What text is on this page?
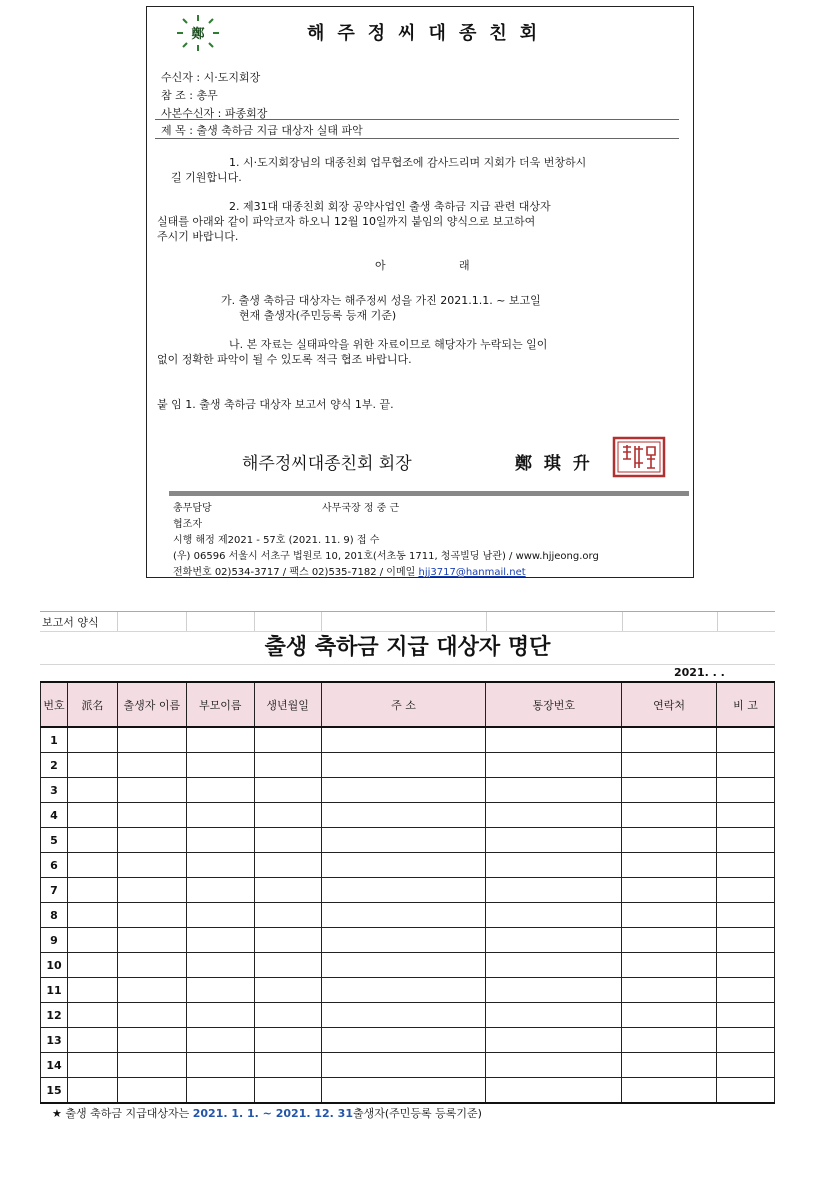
鄭	해주정씨대종친회
수신자 : 시·도지회장
참 조 : 총무
사본수신자 : 파종회장
제 목 : 출생 축하금 지급 대상자 실태 파악
1. 시·도지회장님의 대종친회 업무협조에 감사드리며 지회가 더욱 번창하시
길 기원합니다.
2. 제31대 대종친회 회장 공약사업인 출생 축하금 지급 관련 대상자
실태를 아래와 같이 파악코자 하오니 12월 10일까지 붙임의 양식으로 보고하여
주시기 바랍니다.
아	래
가. 출생 축하금 대상자는 해주정씨 성을 가진 2021.1.1. ~ 보고일
현재 출생자(주민등록 등재 기준)
나. 본 자료는 실태파악을 위한 자료이므로 해당자가 누락되는 일이
없이 정확한 파악이 될 수 있도록 적극 협조 바랍니다.
붙 임 1. 출생 축하금 대상자 보고서 양식 1부. 끝.
해주정씨대종친회 회장	鄭 琪 升
총무담당	사무국장 정 중 근
협조자
시행 해정 제2021 - 57호 (2021. 11. 9) 접 수
(우) 06596 서울시 서초구 법원로 10, 201호(서초동 1711, 청곡빌딩 남관) / www.hjjeong.org
전화번호 02)534-3717 / 팩스 02)535-7182 / 이메일 hjj3717@hanmail.net
보고서 양식
출생 축하금 지급 대상자 명단
2021. . .
번호	派名	출생자 이름	부모이름	생년월일	주 소	통장번호	연락처	비 고
1								
2								
3								
4								
5								
6								
7								
8								
9								
10								
11								
12								
13								
14								
15								
★ 출생 축하금 지급대상자는 2021. 1. 1. ~ 2021. 12. 31출생자(주민등록 등록기준)
